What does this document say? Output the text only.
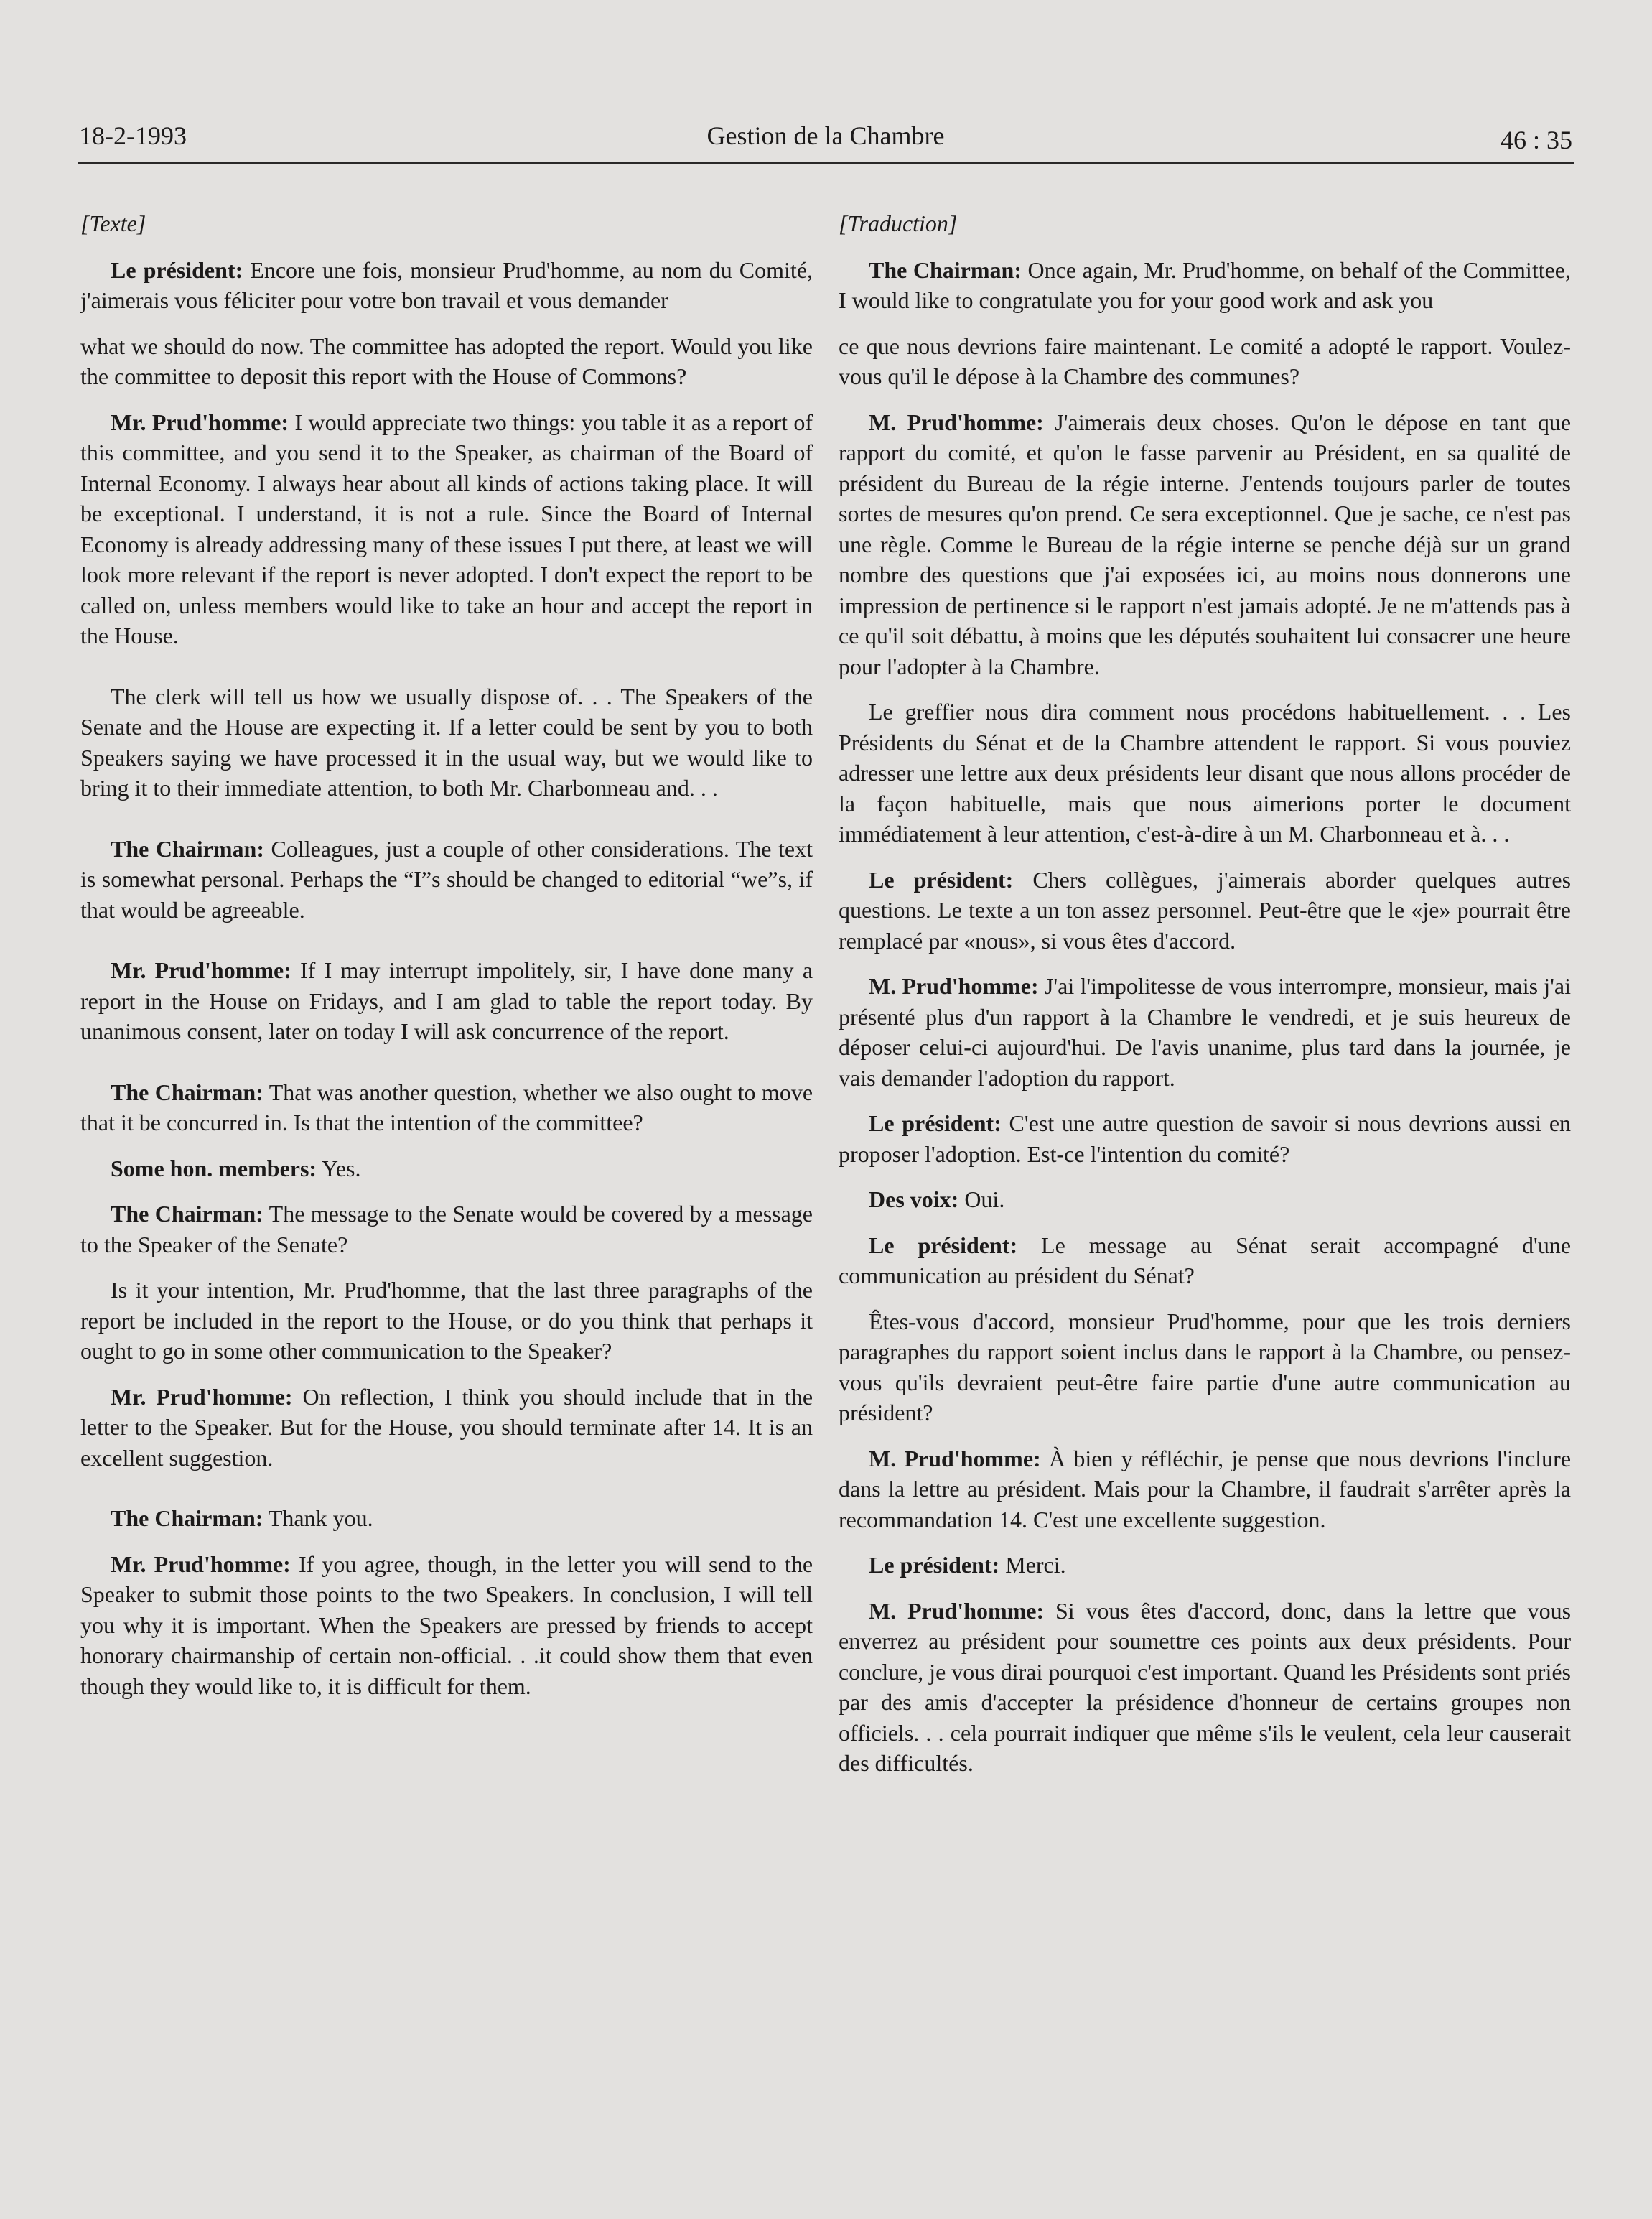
18-2-1993	Gestion de la Chambre	46 : 35

[Texte]

Le président: Encore une fois, monsieur Prud'homme, au nom du Comité, j'aimerais vous féliciter pour votre bon travail et vous demander

what we should do now. The committee has adopted the report. Would you like the committee to deposit this report with the House of Commons?

Mr. Prud'homme: I would appreciate two things: you table it as a report of this committee, and you send it to the Speaker, as chairman of the Board of Internal Economy. I always hear about all kinds of actions taking place. It will be exceptional. I understand, it is not a rule. Since the Board of Internal Economy is already addressing many of these issues I put there, at least we will look more relevant if the report is never adopted. I don't expect the report to be called on, unless members would like to take an hour and accept the report in the House.

The clerk will tell us how we usually dispose of. . . The Speakers of the Senate and the House are expecting it. If a letter could be sent by you to both Speakers saying we have processed it in the usual way, but we would like to bring it to their immediate attention, to both Mr. Charbonneau and. . .

The Chairman: Colleagues, just a couple of other considerations. The text is somewhat personal. Perhaps the “I”s should be changed to editorial “we”s, if that would be agreeable.

Mr. Prud'homme: If I may interrupt impolitely, sir, I have done many a report in the House on Fridays, and I am glad to table the report today. By unanimous consent, later on today I will ask concurrence of the report.

The Chairman: That was another question, whether we also ought to move that it be concurred in. Is that the intention of the committee?

Some hon. members: Yes.

The Chairman: The message to the Senate would be covered by a message to the Speaker of the Senate?

Is it your intention, Mr. Prud'homme, that the last three paragraphs of the report be included in the report to the House, or do you think that perhaps it ought to go in some other communication to the Speaker?

Mr. Prud'homme: On reflection, I think you should include that in the letter to the Speaker. But for the House, you should terminate after 14. It is an excellent suggestion.

The Chairman: Thank you.

Mr. Prud'homme: If you agree, though, in the letter you will send to the Speaker to submit those points to the two Speakers. In conclusion, I will tell you why it is important. When the Speakers are pressed by friends to accept honorary chairmanship of certain non-official. . .it could show them that even though they would like to, it is difficult for them.

[Traduction]

The Chairman: Once again, Mr. Prud'homme, on behalf of the Committee, I would like to congratulate you for your good work and ask you

ce que nous devrions faire maintenant. Le comité a adopté le rapport. Voulez-vous qu'il le dépose à la Chambre des communes?

M. Prud'homme: J'aimerais deux choses. Qu'on le dépose en tant que rapport du comité, et qu'on le fasse parvenir au Président, en sa qualité de président du Bureau de la régie interne. J'entends toujours parler de toutes sortes de mesures qu'on prend. Ce sera exceptionnel. Que je sache, ce n'est pas une règle. Comme le Bureau de la régie interne se penche déjà sur un grand nombre des questions que j'ai exposées ici, au moins nous donnerons une impression de pertinence si le rapport n'est jamais adopté. Je ne m'attends pas à ce qu'il soit débattu, à moins que les députés souhaitent lui consacrer une heure pour l'adopter à la Chambre.

Le greffier nous dira comment nous procédons habituellement. . . Les Présidents du Sénat et de la Chambre attendent le rapport. Si vous pouviez adresser une lettre aux deux présidents leur disant que nous allons procéder de la façon habituelle, mais que nous aimerions porter le document immédiatement à leur attention, c'est-à-dire à un M. Charbonneau et à. . .

Le président: Chers collègues, j'aimerais aborder quelques autres questions. Le texte a un ton assez personnel. Peut-être que le «je» pourrait être remplacé par «nous», si vous êtes d'accord.

M. Prud'homme: J'ai l'impolitesse de vous interrompre, monsieur, mais j'ai présenté plus d'un rapport à la Chambre le vendredi, et je suis heureux de déposer celui-ci aujourd'hui. De l'avis unanime, plus tard dans la journée, je vais demander l'adoption du rapport.

Le président: C'est une autre question de savoir si nous devrions aussi en proposer l'adoption. Est-ce l'intention du comité?

Des voix: Oui.

Le président: Le message au Sénat serait accompagné d'une communication au président du Sénat?

Êtes-vous d'accord, monsieur Prud'homme, pour que les trois derniers paragraphes du rapport soient inclus dans le rapport à la Chambre, ou pensez-vous qu'ils devraient peut-être faire partie d'une autre communication au président?

M. Prud'homme: À bien y réfléchir, je pense que nous devrions l'inclure dans la lettre au président. Mais pour la Chambre, il faudrait s'arrêter après la recommandation 14. C'est une excellente suggestion.

Le président: Merci.

M. Prud'homme: Si vous êtes d'accord, donc, dans la lettre que vous enverrez au président pour soumettre ces points aux deux présidents. Pour conclure, je vous dirai pourquoi c'est important. Quand les Présidents sont priés par des amis d'accepter la présidence d'honneur de certains groupes non officiels. . . cela pourrait indiquer que même s'ils le veulent, cela leur causerait des difficultés.
